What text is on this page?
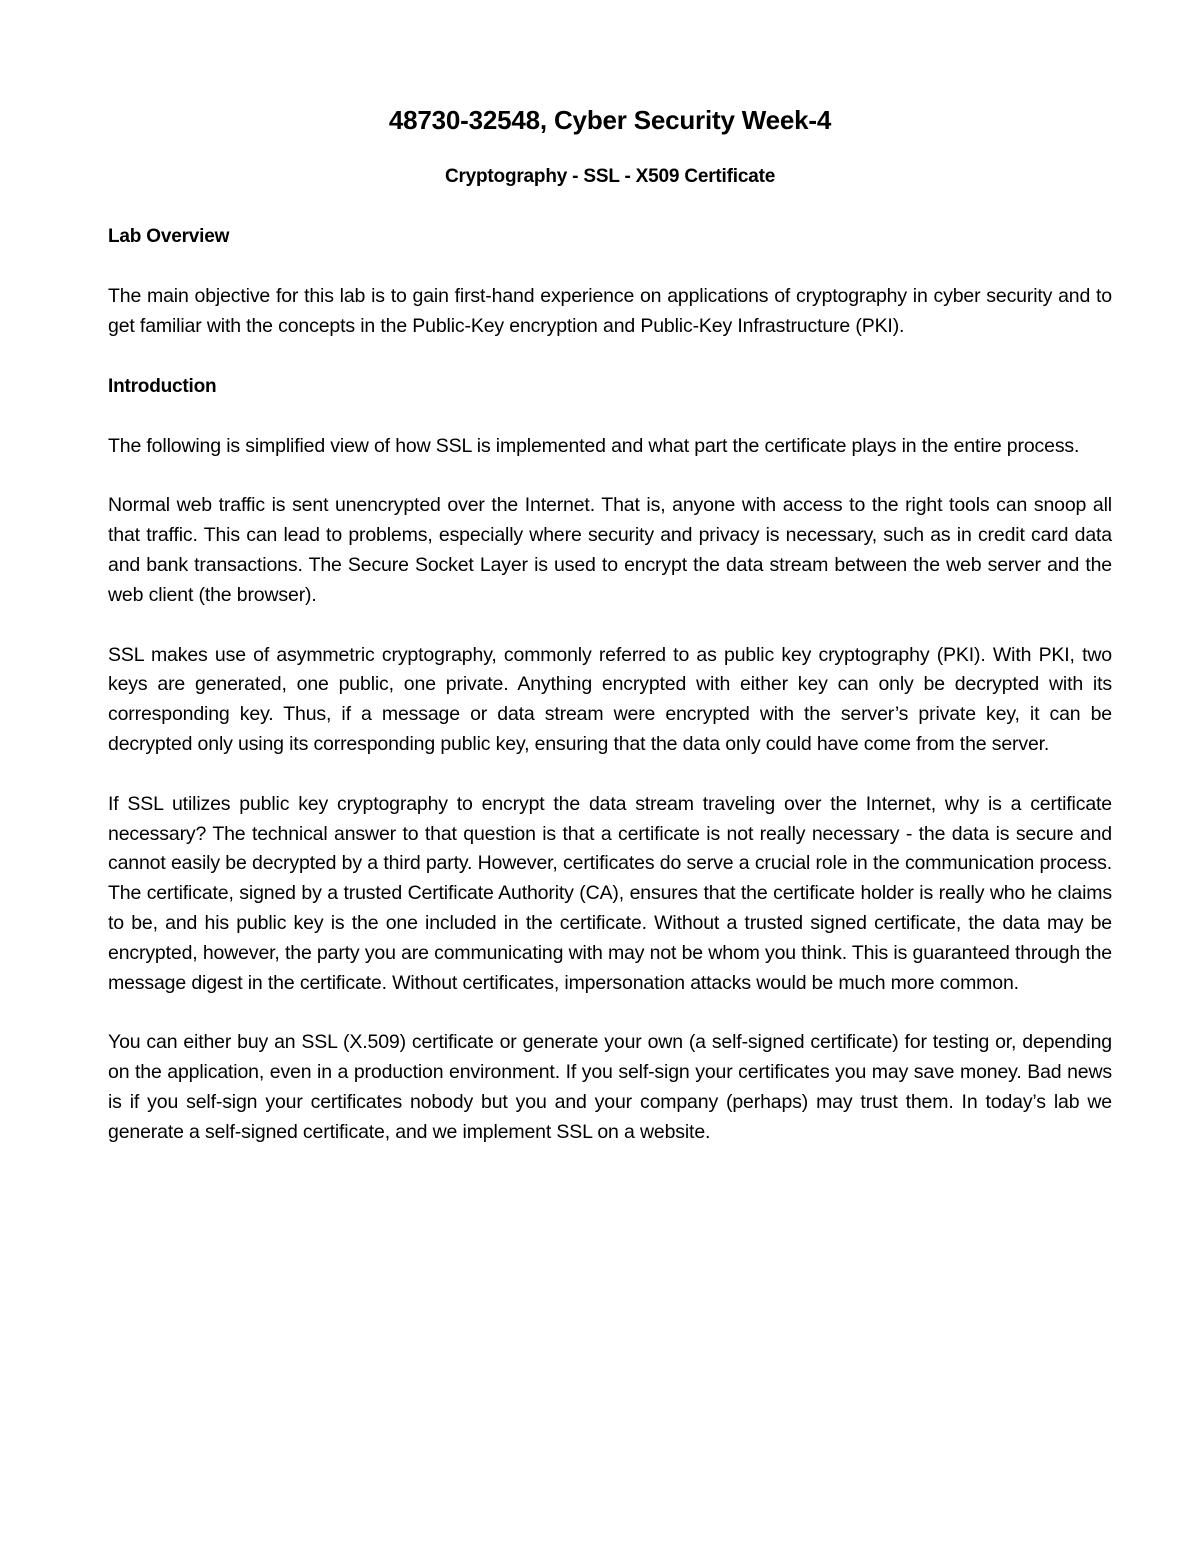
48730-32548, Cyber Security Week-4
Cryptography - SSL - X509 Certificate
Lab Overview

The main objective for this lab is to gain first-hand experience on applications of cryptography in cyber security and to get familiar with the concepts in the Public-Key encryption and Public-Key Infrastructure (PKI).

Introduction

The following is simplified view of how SSL is implemented and what part the certificate plays in the entire process.

Normal web traffic is sent unencrypted over the Internet. That is, anyone with access to the right tools can snoop all that traffic. This can lead to problems, especially where security and privacy is necessary, such as in credit card data and bank transactions. The Secure Socket Layer is used to encrypt the data stream between the web server and the web client (the browser).

SSL makes use of asymmetric cryptography, commonly referred to as public key cryptography (PKI). With PKI, two keys are generated, one public, one private. Anything encrypted with either key can only be decrypted with its corresponding key. Thus, if a message or data stream were encrypted with the server’s private key, it can be decrypted only using its corresponding public key, ensuring that the data only could have come from the server.

If SSL utilizes public key cryptography to encrypt the data stream traveling over the Internet, why is a certificate necessary? The technical answer to that question is that a certificate is not really necessary - the data is secure and cannot easily be decrypted by a third party. However, certificates do serve a crucial role in the communication process. The certificate, signed by a trusted Certificate Authority (CA), ensures that the certificate holder is really who he claims to be, and his public key is the one included in the certificate. Without a trusted signed certificate, the data may be encrypted, however, the party you are communicating with may not be whom you think. This is guaranteed through the message digest in the certificate. Without certificates, impersonation attacks would be much more common.

You can either buy an SSL (X.509) certificate or generate your own (a self-signed certificate) for testing or, depending on the application, even in a production environment. If you self-sign your certificates you may save money. Bad news is if you self-sign your certificates nobody but you and your company (perhaps) may trust them. In today’s lab we generate a self-signed certificate, and we implement SSL on a website.
